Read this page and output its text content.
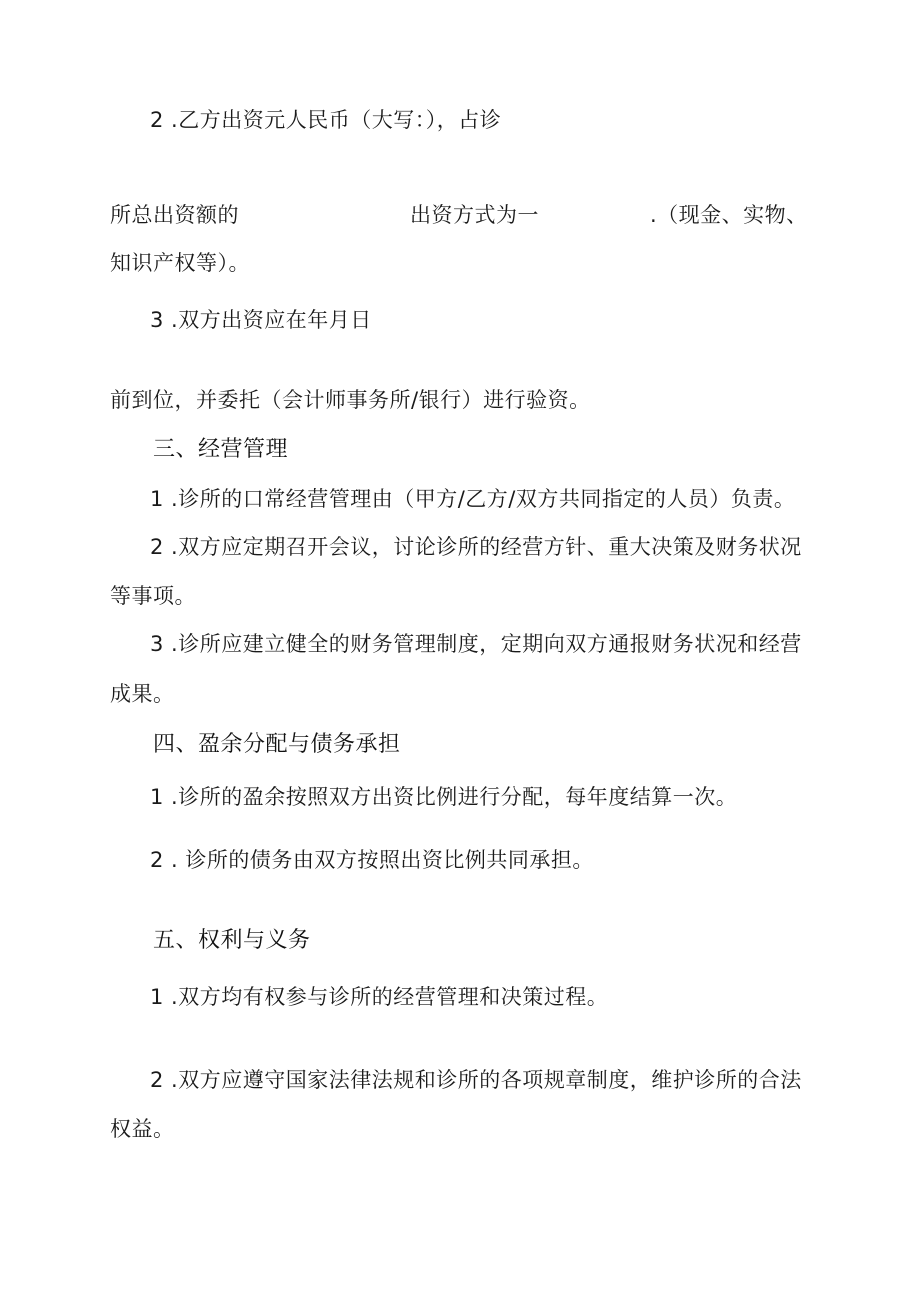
2 .乙方出资元人民币（大写：），占诊
所总出资额的	出资方式为一	.（现金、实物、
知识产权等）。
3 .双方出资应在年月日
前到位，并委托（会计师事务所/银行）进行验资。
三、经营管理
1 .诊所的口常经营管理由（甲方/乙方/双方共同指定的人员）负责。
2 .双方应定期召开会议，讨论诊所的经营方针、重大决策及财务状况
等事项。
3 .诊所应建立健全的财务管理制度，定期向双方通报财务状况和经营
成果。
四、盈余分配与债务承担
1 .诊所的盈余按照双方出资比例进行分配，每年度结算一次。
2 . 诊所的债务由双方按照出资比例共同承担。
五、权利与义务
1 .双方均有权参与诊所的经营管理和决策过程。
2 .双方应遵守国家法律法规和诊所的各项规章制度，维护诊所的合法
权益。
